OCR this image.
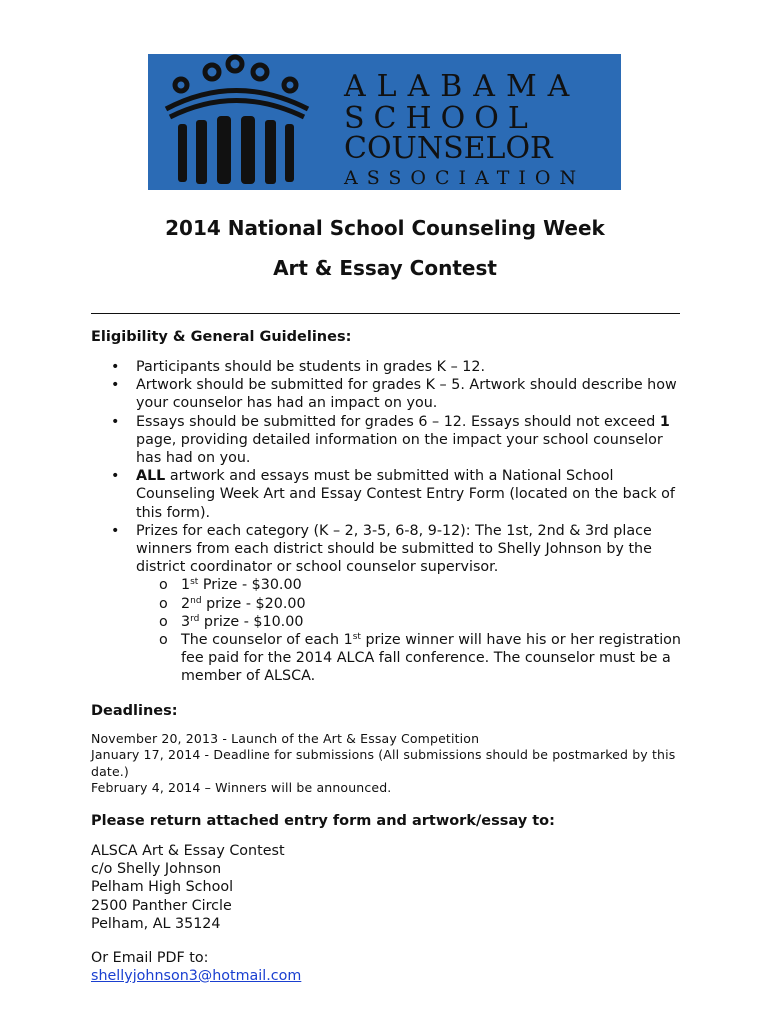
ALABAMA
SCHOOL
COUNSELOR
ASSOCIATION
2014 National School Counseling Week
Art & Essay Contest
Eligibility & General Guidelines:
• Participants should be students in grades K – 12.
• Artwork should be submitted for grades K – 5. Artwork should describe how your counselor has had an impact on you.
• Essays should be submitted for grades 6 – 12. Essays should not exceed 1 page, providing detailed information on the impact your school counselor has had on you.
• ALL artwork and essays must be submitted with a National School Counseling Week Art and Essay Contest Entry Form (located on the back of this form).
• Prizes for each category (K – 2, 3-5, 6-8, 9-12): The 1st, 2nd & 3rd place winners from each district should be submitted to Shelly Johnson by the district coordinator or school counselor supervisor.
o 1st Prize - $30.00
o 2nd prize - $20.00
o 3rd prize - $10.00
o The counselor of each 1st prize winner will have his or her registration fee paid for the 2014 ALCA fall conference. The counselor must be a member of ALSCA.
Deadlines:
November 20, 2013 - Launch of the Art & Essay Competition
January 17, 2014 - Deadline for submissions (All submissions should be postmarked by this date.)
February 4, 2014 – Winners will be announced.
Please return attached entry form and artwork/essay to:
ALSCA Art & Essay Contest
c/o Shelly Johnson
Pelham High School
2500 Panther Circle
Pelham, AL 35124
Or Email PDF to:
shellyjohnson3@hotmail.com
